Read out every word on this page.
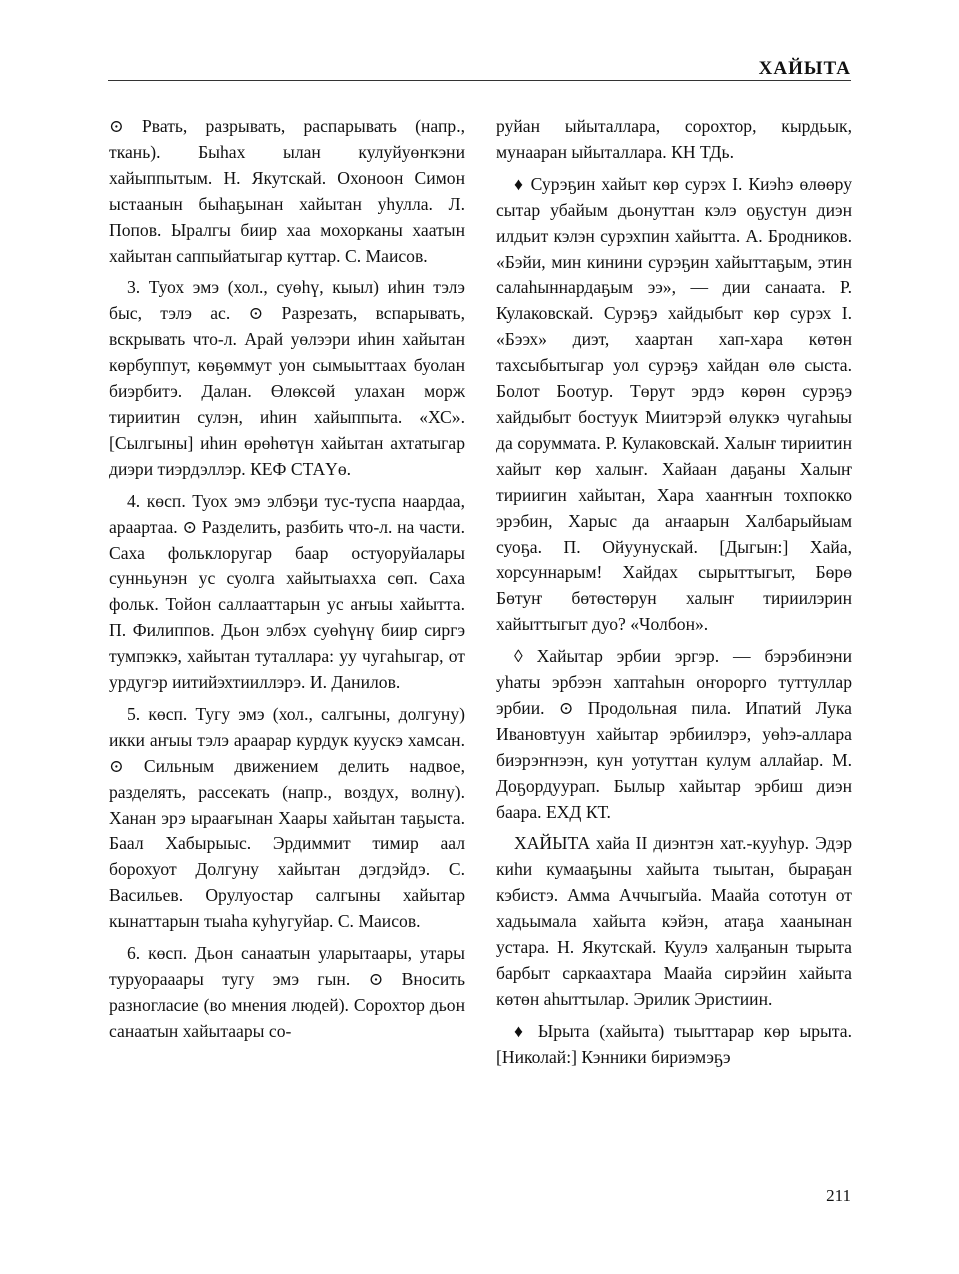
ХАЙЫТА

⊙ Рвать, разрывать, распарывать (напр., ткань). Быһах ылан кулуйуөҥкэни хайыппытым. Н. Якутскай. Охоноон Симон ыстаанын быһаҕынан хайытан уһулла. Л. Попов. Ыралгы биир хаа мохорканы хаатын хайытан саппыйатыгар куттар. С. Маисов.

3. Туох эмэ (хол., суөһү, кыыл) иһин тэлэ быс, тэлэ ас. ⊙ Разрезать, вспарывать, вскрывать что-л. Арай уөлээри иһин хайытан көрбуппут, көҕөммут уон сымыыттаах буолан биэрбитэ. Далан. Өлөксөй улахан морж тириитин сулэн, иһин хайыппыта. «ХС». [Сылгыны] иһин өрөһөтүн хайытан ахтатыгар диэри тиэрдэллэр. КЕФ СТАҮө.

4. көсп. Туох эмэ элбэҕи тус-туспа наардаа, араартаа. ⊙ Разделить, разбить что-л. на части. Саха фольклоругар баар остуоруйалары сунньунэн ус суолга хайытыахха сөп. Саха фольк. Тойон саллааттарын ус аҥыы хайытта. П. Филиппов. Дьон элбэх суөһүнү биир сиргэ тумпэккэ, хайытан туталлара: уу чугаһыгар, от урдугэр иитийэхтииллэрэ. И. Данилов.

5. көсп. Тугу эмэ (хол., салгыны, долгуну) икки аҥыы тэлэ араарар курдук куускэ хамсан. ⊙ Сильным движением делить надвое, разделять, рассекать (напр., воздух, волну). Ханан эрэ ыраағынан Хаары хайытан таҕыста. Баал Хабырыыс. Эрдиммит тимир аал борохуот Долгуну хайытан дэгдэйдэ. С. Васильев. Орулуостар салгыны хайытар кынаттарын тыаһа куһугуйар. С. Маисов.

6. көсп. Дьон санаатын уларытаары, утары туруорааары тугу эмэ гын. ⊙ Вносить разногласие (во мнения людей). Сорохтор дьон санаатын хайытаары со-

руйан ыйыталлара, сорохтор, кырдьык, мунааран ыйыталлара. КН ТДь.

♦ Сурэҕин хайыт көр сурэх I. Киэһэ өлөөру сытар убайым дьонуттан кэлэ оҕустун диэн илдьит кэлэн сурэхпин хайытта. А. Бродников. «Бэйи, мин кинини сурэҕин хайыттаҕым, этин салаһыннардаҕым ээ», — дии санаата. Р. Кулаковскай. Сурэҕэ хайдыбыт көр сурэх I. «Бээх» диэт, хаартан хап-хара көтөн тахсыбытыгар уол сурэҕэ хайдан өлө сыста. Болот Боотур. Төрут эрдэ көрөн сурэҕэ хайдыбыт бостуук Миитэрэй өлуккэ чугаһыы да соруммата. Р. Кулаковскай. Халыҥ тириитин хайыт көр халыҥ. Хайаан даҕаны Халыҥ тириигин хайытан, Хара хааҥҥын тохпокко эрэбин, Харыс да аҥаарын Халбарыйыам суоҕа. П. Ойуунускай. [Дыгын:] Хайа, хорсуннарым! Хайдах сырыттыгыт, Бөрө Бөтуҥ бөтөстөрун халыҥ тириилэрин хайыттыгыт дуо? «Чолбон».

◊ Хайытар эрбии эргэр. — бэрэбинэни уһаты эрбээн хаптаһын оҥорорго туттуллар эрбии. ⊙ Продольная пила. Ипатий Лука Ивановтуун хайытар эрбиилэрэ, уөһэ-аллара биэрэҥнээн, кун уотуттан кулум аллайар. М. Доҕордуурап. Былыр хайытар эрбиш диэн баара. ЕХД КТ.

ХАЙЫТА хайа II диэнтэн хат.-кууһур. Эдэр киһи кумааҕыны хайыта тыытан, быраҕан кэбистэ. Амма Аччыгыйа. Маайа сототун от хадьымала хайыта кэйэн, атаҕа хаанынан устара. Н. Якутскай. Куулэ халҕанын тырыта барбыт саркаахтара Маайа сирэйин хайыта көтөн аһыттылар. Эрилик Эристиин.

♦ Ырыта (хайыта) тыыттарар көр ырыта. [Николай:] Кэнники бириэмэҕэ

211
